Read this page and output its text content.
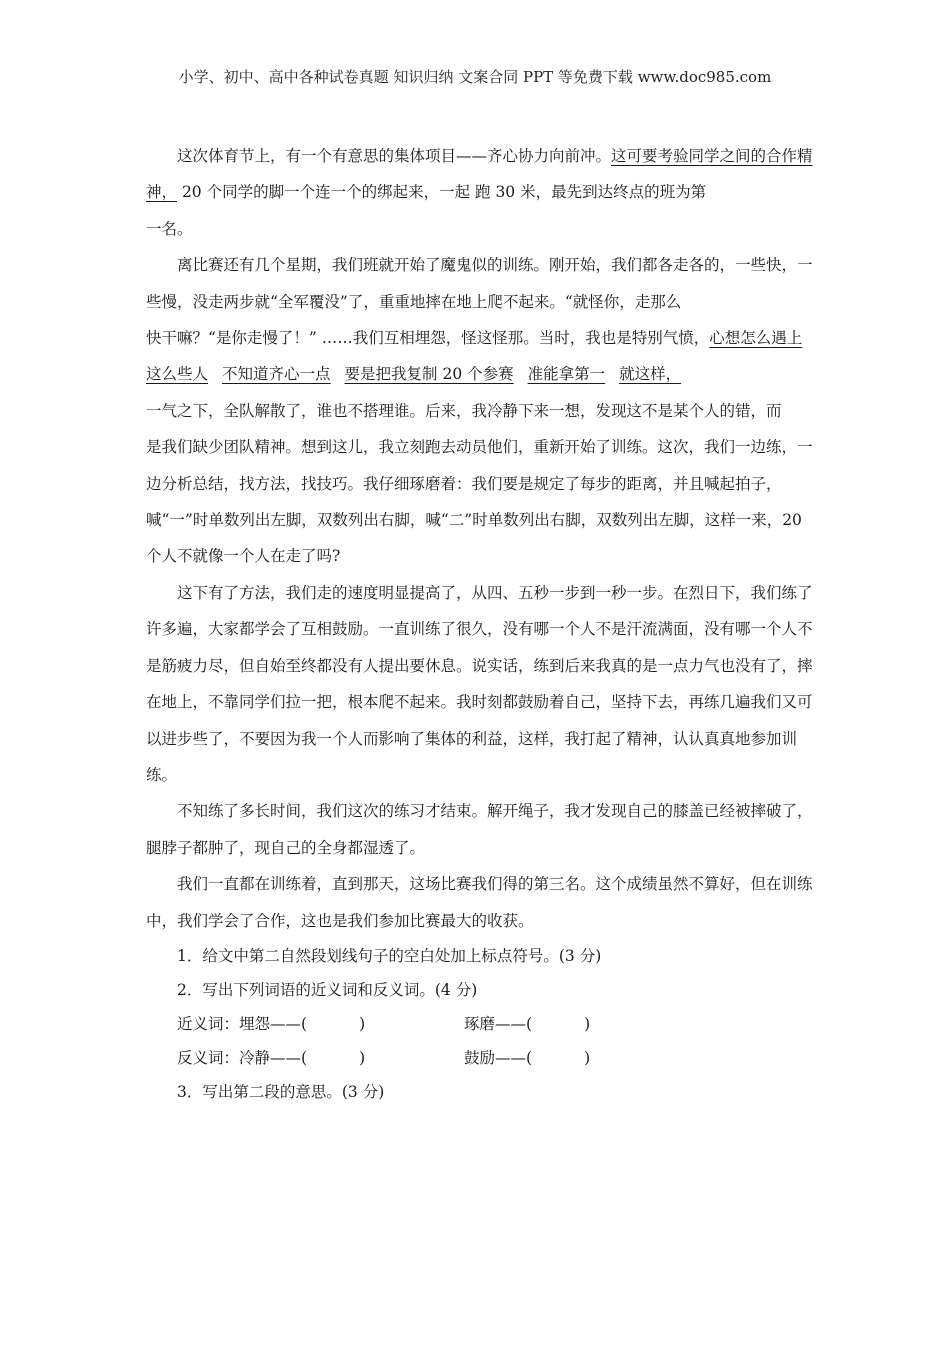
小学、初中、高中各种试卷真题 知识归纳 文案合同 PPT 等免费下载 www.doc985.com

这次体育节上，有一个有意思的集体项目——齐心协力向前冲。这可要考验同学之间的合作精神， 20 个同学的脚一个连一个的绑起来，一起 跑 30 米，最先到达终点的班为第

一名。

离比赛还有几个星期，我们班就开始了魔鬼似的训练。刚开始，我们都各走各的，一些快，一些慢，没走两步就“全军覆没”了，重重地摔在地上爬不起来。“就怪你，走那么

快干嘛？“是你走慢了！” ……我们互相埋怨，怪这怪那。当时，我也是特别气愤，心想怎么遇上这么些人 不知道齐心一点 要是把我复制 20 个参赛 准能拿第一 就这样，

一气之下，全队解散了，谁也不搭理谁。后来，我冷静下来一想，发现这不是某个人的错，而

是我们缺少团队精神。想到这儿，我立刻跑去动员他们，重新开始了训练。这次，我们一边练，一边分析总结，找方法，找技巧。我仔细琢磨着：我们要是规定了每步的距离，并且喊起拍子，喊“一”时单数列出左脚，双数列出右脚，喊“二”时单数列出右脚，双数列出左脚，这样一来，20 个人不就像一个人在走了吗?

这下有了方法，我们走的速度明显提高了，从四、五秒一步到一秒一步。在烈日下，我们练了许多遍，大家都学会了互相鼓励。一直训练了很久，没有哪一个人不是汗流满面，没有哪一个人不是筋疲力尽，但自始至终都没有人提出要休息。说实话，练到后来我真的是一点力气也没有了，摔在地上，不靠同学们拉一把，根本爬不起来。我时刻都鼓励着自己，坚持下去，再练几遍我们又可以进步些了，不要因为我一个人而影响了集体的利益，这样，我打起了精神，认认真真地参加训练。

不知练了多长时间，我们这次的练习才结束。解开绳子，我才发现自己的膝盖已经被摔破了，腿脖子都肿了，现自己的全身都湿透了。

我们一直都在训练着，直到那天，这场比赛我们得的第三名。这个成绩虽然不算好，但在训练中，我们学会了合作，这也是我们参加比赛最大的收获。

1．给文中第二自然段划线句子的空白处加上标点符号。(3 分)

2．写出下列词语的近义词和反义词。(4 分)

近义词：埋怨——(	)	琢磨——(	)
反义词：冷静——(	)	鼓励——(	)

3．写出第二段的意思。(3 分)
